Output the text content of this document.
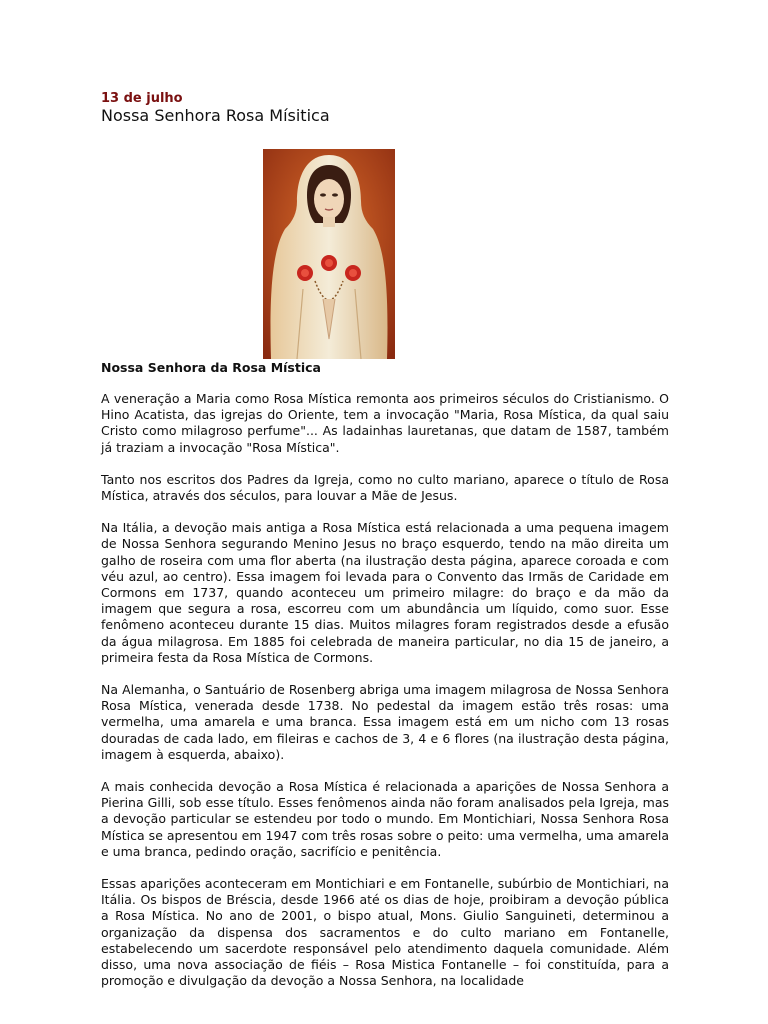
13 de julho
Nossa Senhora Rosa Mísitica
Nossa Senhora da Rosa Mística

A veneração a Maria como Rosa Mística remonta aos primeiros séculos do Cristianismo. O Hino Acatista, das igrejas do Oriente, tem a invocação "Maria, Rosa Mística, da qual saiu Cristo como milagroso perfume"... As ladainhas lauretanas, que datam de 1587, também já traziam a invocação "Rosa Mística".

Tanto nos escritos dos Padres da Igreja, como no culto mariano, aparece o título de Rosa Mística, através dos séculos, para louvar a Mãe de Jesus.

Na Itália, a devoção mais antiga a Rosa Mística está relacionada a uma pequena imagem de Nossa Senhora segurando Menino Jesus no braço esquerdo, tendo na mão direita um galho de roseira com uma flor aberta (na ilustração desta página, aparece coroada e com véu azul, ao centro). Essa imagem foi levada para o Convento das Irmãs de Caridade em Cormons em 1737, quando aconteceu um primeiro milagre: do braço e da mão da imagem que segura a rosa, escorreu com um abundância um líquido, como suor. Esse fenômeno aconteceu durante 15 dias. Muitos milagres foram registrados desde a efusão da água milagrosa. Em 1885 foi celebrada de maneira particular, no dia 15 de janeiro, a primeira festa da Rosa Mística de Cormons.

Na Alemanha, o Santuário de Rosenberg abriga uma imagem milagrosa de Nossa Senhora Rosa Mística, venerada desde 1738. No pedestal da imagem estão três rosas: uma vermelha, uma amarela e uma branca. Essa imagem está em um nicho com 13 rosas douradas de cada lado, em fileiras e cachos de 3, 4 e 6 flores (na ilustração desta página, imagem à esquerda, abaixo).

A mais conhecida devoção a Rosa Mística é relacionada a aparições de Nossa Senhora a Pierina Gilli, sob esse título. Esses fenômenos ainda não foram analisados pela Igreja, mas a devoção particular se estendeu por todo o mundo. Em Montichiari, Nossa Senhora Rosa Mística se apresentou em 1947 com três rosas sobre o peito: uma vermelha, uma amarela e uma branca, pedindo oração, sacrifício e penitência.

Essas aparições aconteceram em Montichiari e em Fontanelle, subúrbio de Montichiari, na Itália. Os bispos de Bréscia, desde 1966 até os dias de hoje, proibiram a devoção pública a Rosa Mística. No ano de 2001, o bispo atual, Mons. Giulio Sanguineti, determinou a organização da dispensa dos sacramentos e do culto mariano em Fontanelle, estabelecendo um sacerdote responsável pelo atendimento daquela comunidade. Além disso, uma nova associação de fiéis – Rosa Mistica Fontanelle – foi constituída, para a promoção e divulgação da devoção a Nossa Senhora, na localidade
